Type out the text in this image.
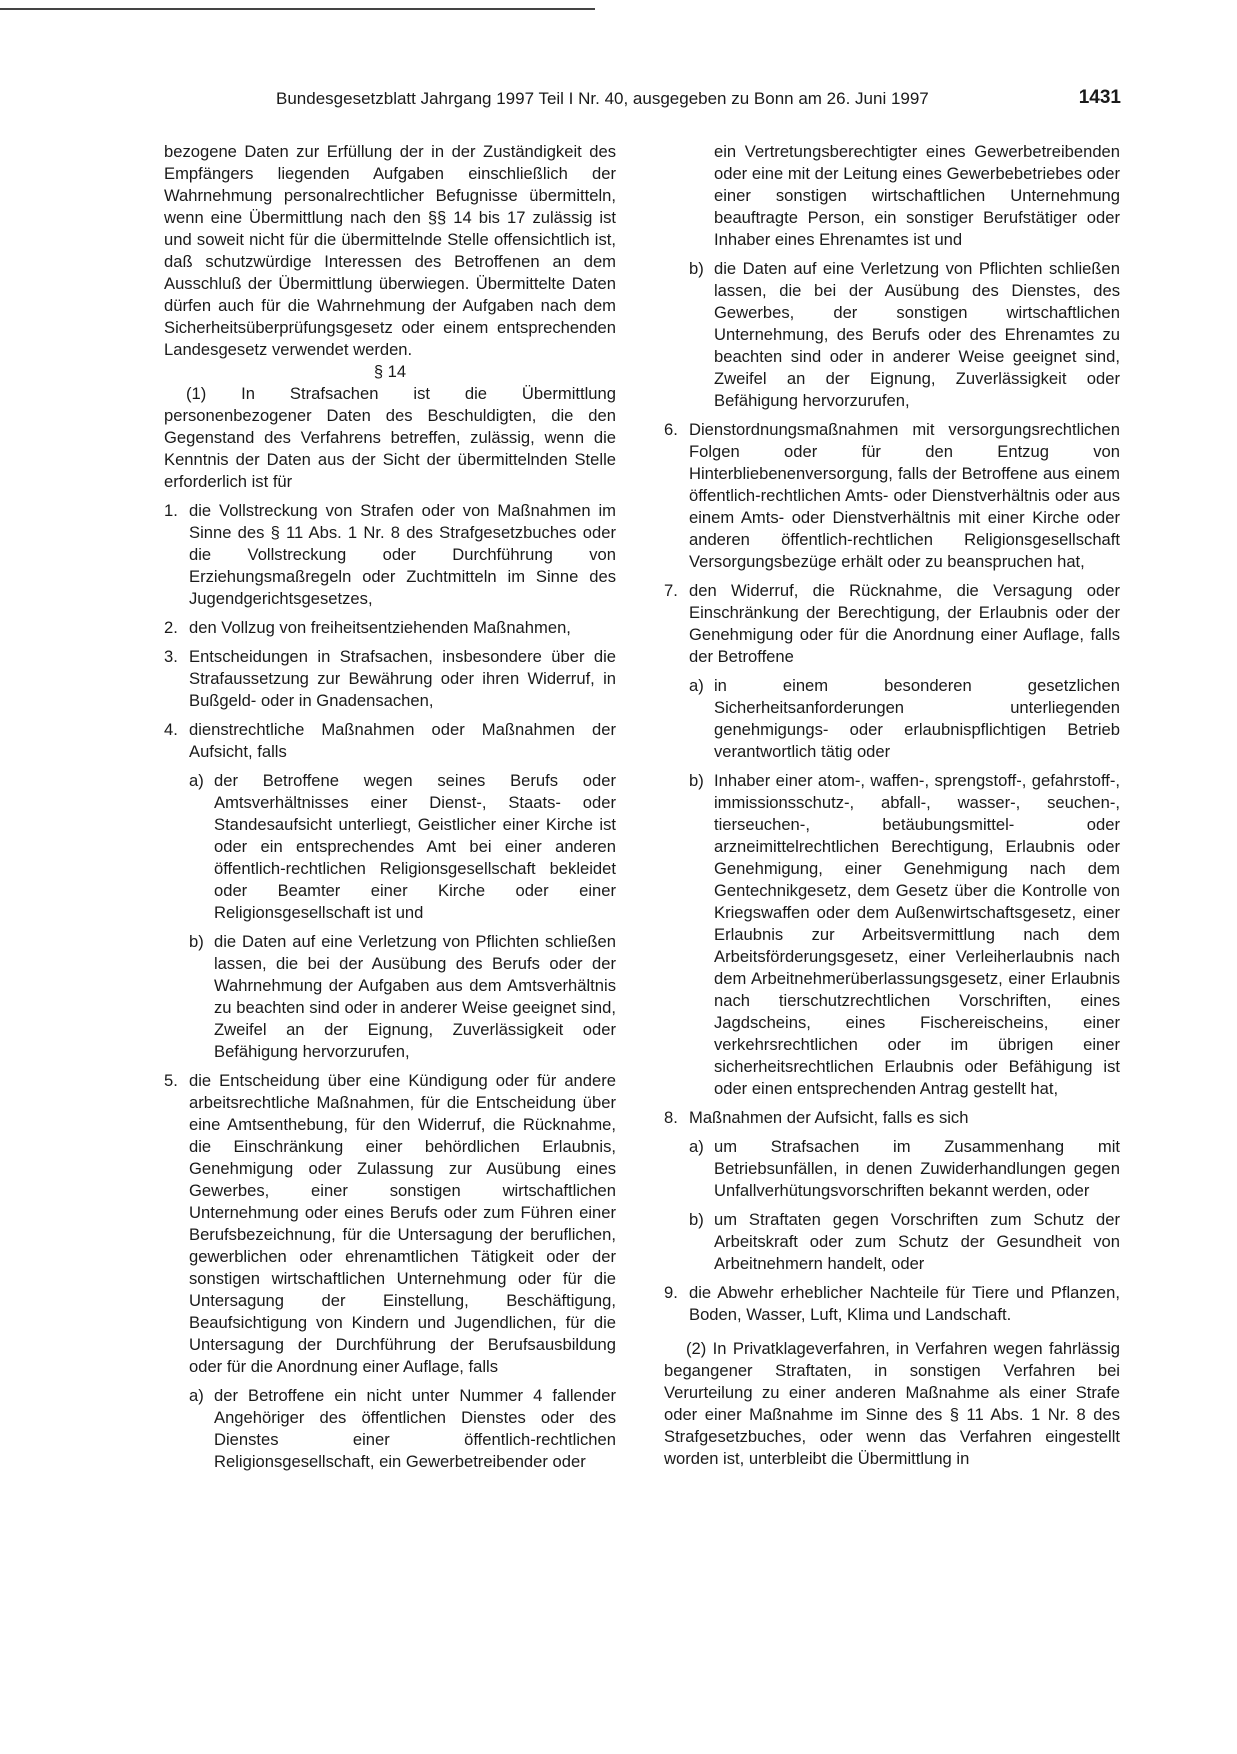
Bundesgesetzblatt Jahrgang 1997 Teil I Nr. 40, ausgegeben zu Bonn am 26. Juni 1997	1431

bezogene Daten zur Erfüllung der in der Zuständigkeit des Empfängers liegenden Aufgaben einschließlich der Wahrnehmung personalrechtlicher Befugnisse übermitteln, wenn eine Übermittlung nach den §§ 14 bis 17 zulässig ist und soweit nicht für die übermittelnde Stelle offensichtlich ist, daß schutzwürdige Interessen des Betroffenen an dem Ausschluß der Übermittlung überwiegen. Übermittelte Daten dürfen auch für die Wahrnehmung der Aufgaben nach dem Sicherheitsüberprüfungsgesetz oder einem entsprechenden Landesgesetz verwendet werden.

§ 14

(1) In Strafsachen ist die Übermittlung personenbezogener Daten des Beschuldigten, die den Gegenstand des Verfahrens betreffen, zulässig, wenn die Kenntnis der Daten aus der Sicht der übermittelnden Stelle erforderlich ist für

1. die Vollstreckung von Strafen oder von Maßnahmen im Sinne des § 11 Abs. 1 Nr. 8 des Strafgesetzbuches oder die Vollstreckung oder Durchführung von Erziehungsmaßregeln oder Zuchtmitteln im Sinne des Jugendgerichtsgesetzes,
2. den Vollzug von freiheitsentziehenden Maßnahmen,
3. Entscheidungen in Strafsachen, insbesondere über die Strafaussetzung zur Bewährung oder ihren Widerruf, in Bußgeld- oder in Gnadensachen,
4. dienstrechtliche Maßnahmen oder Maßnahmen der Aufsicht, falls
a) der Betroffene wegen seines Berufs oder Amtsverhältnisses einer Dienst-, Staats- oder Standesaufsicht unterliegt, Geistlicher einer Kirche ist oder ein entsprechendes Amt bei einer anderen öffentlich-rechtlichen Religionsgesellschaft bekleidet oder Beamter einer Kirche oder einer Religionsgesellschaft ist und
b) die Daten auf eine Verletzung von Pflichten schließen lassen, die bei der Ausübung des Berufs oder der Wahrnehmung der Aufgaben aus dem Amtsverhältnis zu beachten sind oder in anderer Weise geeignet sind, Zweifel an der Eignung, Zuverlässigkeit oder Befähigung hervorzurufen,
5. die Entscheidung über eine Kündigung oder für andere arbeitsrechtliche Maßnahmen, für die Entscheidung über eine Amtsenthebung, für den Widerruf, die Rücknahme, die Einschränkung einer behördlichen Erlaubnis, Genehmigung oder Zulassung zur Ausübung eines Gewerbes, einer sonstigen wirtschaftlichen Unternehmung oder eines Berufs oder zum Führen einer Berufsbezeichnung, für die Untersagung der beruflichen, gewerblichen oder ehrenamtlichen Tätigkeit oder der sonstigen wirtschaftlichen Unternehmung oder für die Untersagung der Einstellung, Beschäftigung, Beaufsichtigung von Kindern und Jugendlichen, für die Untersagung der Durchführung der Berufsausbildung oder für die Anordnung einer Auflage, falls
a) der Betroffene ein nicht unter Nummer 4 fallender Angehöriger des öffentlichen Dienstes oder des Dienstes einer öffentlich-rechtlichen Religionsgesellschaft, ein Gewerbetreibender oder
ein Vertretungsberechtigter eines Gewerbetreibenden oder eine mit der Leitung eines Gewerbebetriebes oder einer sonstigen wirtschaftlichen Unternehmung beauftragte Person, ein sonstiger Berufstätiger oder Inhaber eines Ehrenamtes ist und
b) die Daten auf eine Verletzung von Pflichten schließen lassen, die bei der Ausübung des Dienstes, des Gewerbes, der sonstigen wirtschaftlichen Unternehmung, des Berufs oder des Ehrenamtes zu beachten sind oder in anderer Weise geeignet sind, Zweifel an der Eignung, Zuverlässigkeit oder Befähigung hervorzurufen,
6. Dienstordnungsmaßnahmen mit versorgungsrechtlichen Folgen oder für den Entzug von Hinterbliebenenversorgung, falls der Betroffene aus einem öffentlich-rechtlichen Amts- oder Dienstverhältnis oder aus einem Amts- oder Dienstverhältnis mit einer Kirche oder anderen öffentlich-rechtlichen Religionsgesellschaft Versorgungsbezüge erhält oder zu beanspruchen hat,
7. den Widerruf, die Rücknahme, die Versagung oder Einschränkung der Berechtigung, der Erlaubnis oder der Genehmigung oder für die Anordnung einer Auflage, falls der Betroffene
a) in einem besonderen gesetzlichen Sicherheitsanforderungen unterliegenden genehmigungs- oder erlaubnispflichtigen Betrieb verantwortlich tätig oder
b) Inhaber einer atom-, waffen-, sprengstoff-, gefahrstoff-, immissionsschutz-, abfall-, wasser-, seuchen-, tierseuchen-, betäubungsmittel- oder arzneimittelrechtlichen Berechtigung, Erlaubnis oder Genehmigung, einer Genehmigung nach dem Gentechnikgesetz, dem Gesetz über die Kontrolle von Kriegswaffen oder dem Außenwirtschaftsgesetz, einer Erlaubnis zur Arbeitsvermittlung nach dem Arbeitsförderungsgesetz, einer Verleiherlaubnis nach dem Arbeitnehmerüberlassungsgesetz, einer Erlaubnis nach tierschutzrechtlichen Vorschriften, eines Jagdscheins, eines Fischereischeins, einer verkehrsrechtlichen oder im übrigen einer sicherheitsrechtlichen Erlaubnis oder Befähigung ist oder einen entsprechenden Antrag gestellt hat,
8. Maßnahmen der Aufsicht, falls es sich
a) um Strafsachen im Zusammenhang mit Betriebsunfällen, in denen Zuwiderhandlungen gegen Unfallverhütungsvorschriften bekannt werden, oder
b) um Straftaten gegen Vorschriften zum Schutz der Arbeitskraft oder zum Schutz der Gesundheit von Arbeitnehmern handelt, oder
9. die Abwehr erheblicher Nachteile für Tiere und Pflanzen, Boden, Wasser, Luft, Klima und Landschaft.

(2) In Privatklageverfahren, in Verfahren wegen fahrlässig begangener Straftaten, in sonstigen Verfahren bei Verurteilung zu einer anderen Maßnahme als einer Strafe oder einer Maßnahme im Sinne des § 11 Abs. 1 Nr. 8 des Strafgesetzbuches, oder wenn das Verfahren eingestellt worden ist, unterbleibt die Übermittlung in
